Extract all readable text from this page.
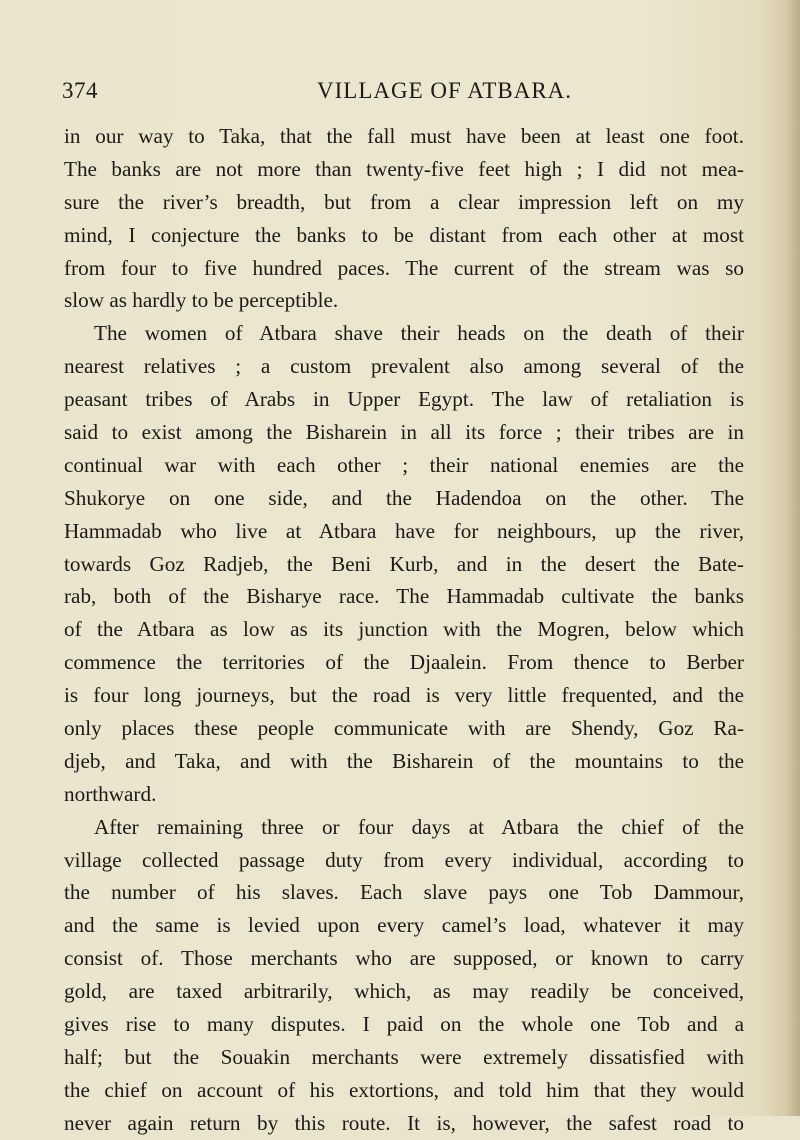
374	VILLAGE OF ATBARA.
in our way to Taka, that the fall must have been at least one foot.
The banks are not more than twenty-five feet high ; I did not mea-
sure the river’s breadth, but from a clear impression left on my
mind, I conjecture the banks to be distant from each other at most
from four to five hundred paces. The current of the stream was so
slow as hardly to be perceptible.
The women of Atbara shave their heads on the death of their
nearest relatives ; a custom prevalent also among several of the
peasant tribes of Arabs in Upper Egypt. The law of retaliation is
said to exist among the Bisharein in all its force ; their tribes are in
continual war with each other ; their national enemies are the
Shukorye on one side, and the Hadendoa on the other. The
Hammadab who live at Atbara have for neighbours, up the river,
towards Goz Radjeb, the Beni Kurb, and in the desert the Bate-
rab, both of the Bisharye race. The Hammadab cultivate the banks
of the Atbara as low as its junction with the Mogren, below which
commence the territories of the Djaalein. From thence to Berber
is four long journeys, but the road is very little frequented, and the
only places these people communicate with are Shendy, Goz Ra-
djeb, and Taka, and with the Bisharein of the mountains to the
northward.
After remaining three or four days at Atbara the chief of the
village collected passage duty from every individual, according to
the number of his slaves. Each slave pays one Tob Dammour,
and the same is levied upon every camel’s load, whatever it may
consist of. Those merchants who are supposed, or known to carry
gold, are taxed arbitrarily, which, as may readily be conceived,
gives rise to many disputes. I paid on the whole one Tob and a
half; but the Souakin merchants were extremely dissatisfied with
the chief on account of his extortions, and told him that they would
never again return by this route. It is, however, the safest road to
